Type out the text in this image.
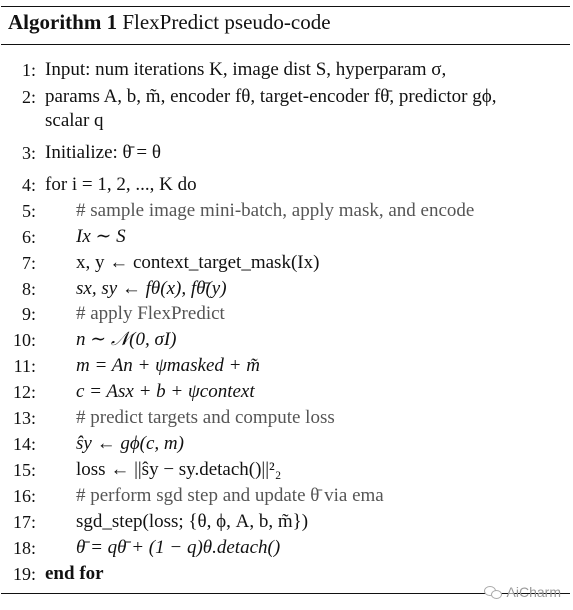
Algorithm 1 FlexPredict pseudo-code
1: Input: num iterations K, image dist S, hyperparam σ,
2: params A, b, m̃, encoder fθ, target-encoder fθ̄, predictor gϕ,
scalar q
3: Initialize: θ̄ = θ
4: for i = 1, 2, ..., K do
5: # sample image mini-batch, apply mask, and encode
6: Ix ∼ S
7: x, y ← context_target_mask(Ix)
8: sx, sy ← fθ(x), fθ̄(y)
9: # apply FlexPredict
10: n ∼ 𝒩(0, σI)
11: m = An + ψmasked + m̃
12: c = Asx + b + ψcontext
13: # predict targets and compute loss
14: ŝy ← gϕ(c, m)
15: loss ← ||ŝy − sy.detach()||²₂
16: # perform sgd step and update θ̄ via ema
17: sgd_step(loss; {θ, ϕ, A, b, m̃})
18: θ̄ = qθ̄ + (1 − q)θ.detach()
19: end for
AiCharm
